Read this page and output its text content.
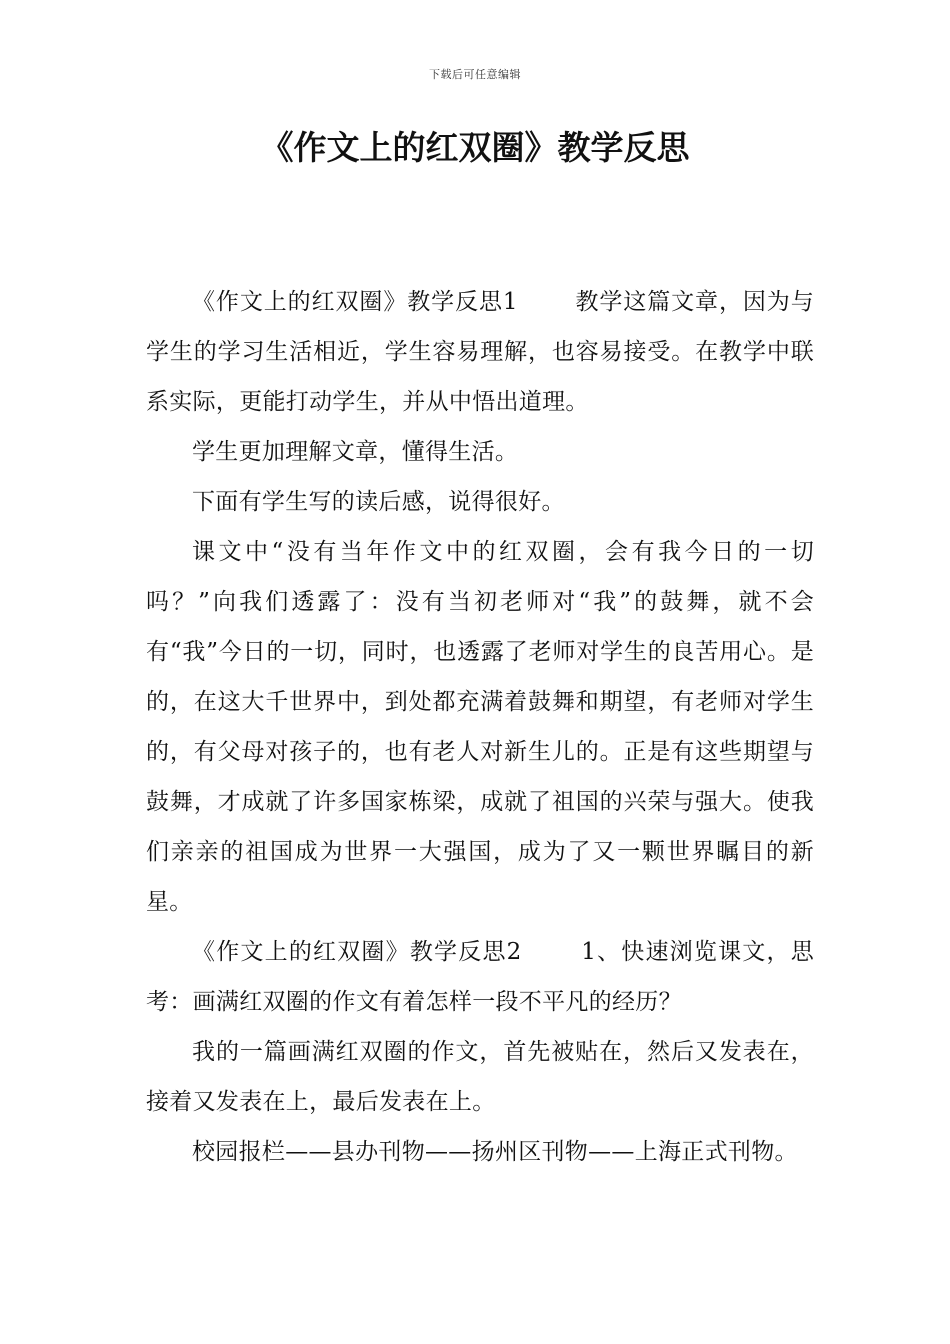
下载后可任意编辑
《作文上的红双圈》教学反思

《作文上的红双圈》教学反思1	教学这篇文章，因为与学生的学习生活相近，学生容易理解，也容易接受。在教学中联系实际，更能打动学生，并从中悟出道理。

学生更加理解文章，懂得生活。

下面有学生写的读后感，说得很好。

课文中“没有当年作文中的红双圈，会有我今日的一切吗？”向我们透露了：没有当初老师对“我”的鼓舞，就不会有“我”今日的一切，同时，也透露了老师对学生的良苦用心。是的，在这大千世界中，到处都充满着鼓舞和期望，有老师对学生的，有父母对孩子的，也有老人对新生儿的。正是有这些期望与鼓舞，才成就了许多国家栋梁，成就了祖国的兴荣与强大。使我们亲亲的祖国成为世界一大强国，成为了又一颗世界瞩目的新星。

《作文上的红双圈》教学反思2	1、快速浏览课文，思考：画满红双圈的作文有着怎样一段不平凡的经历？

我的一篇画满红双圈的作文，首先被贴在，然后又发表在，接着又发表在上，最后发表在上。

校园报栏——县办刊物——扬州区刊物——上海正式刊物。
